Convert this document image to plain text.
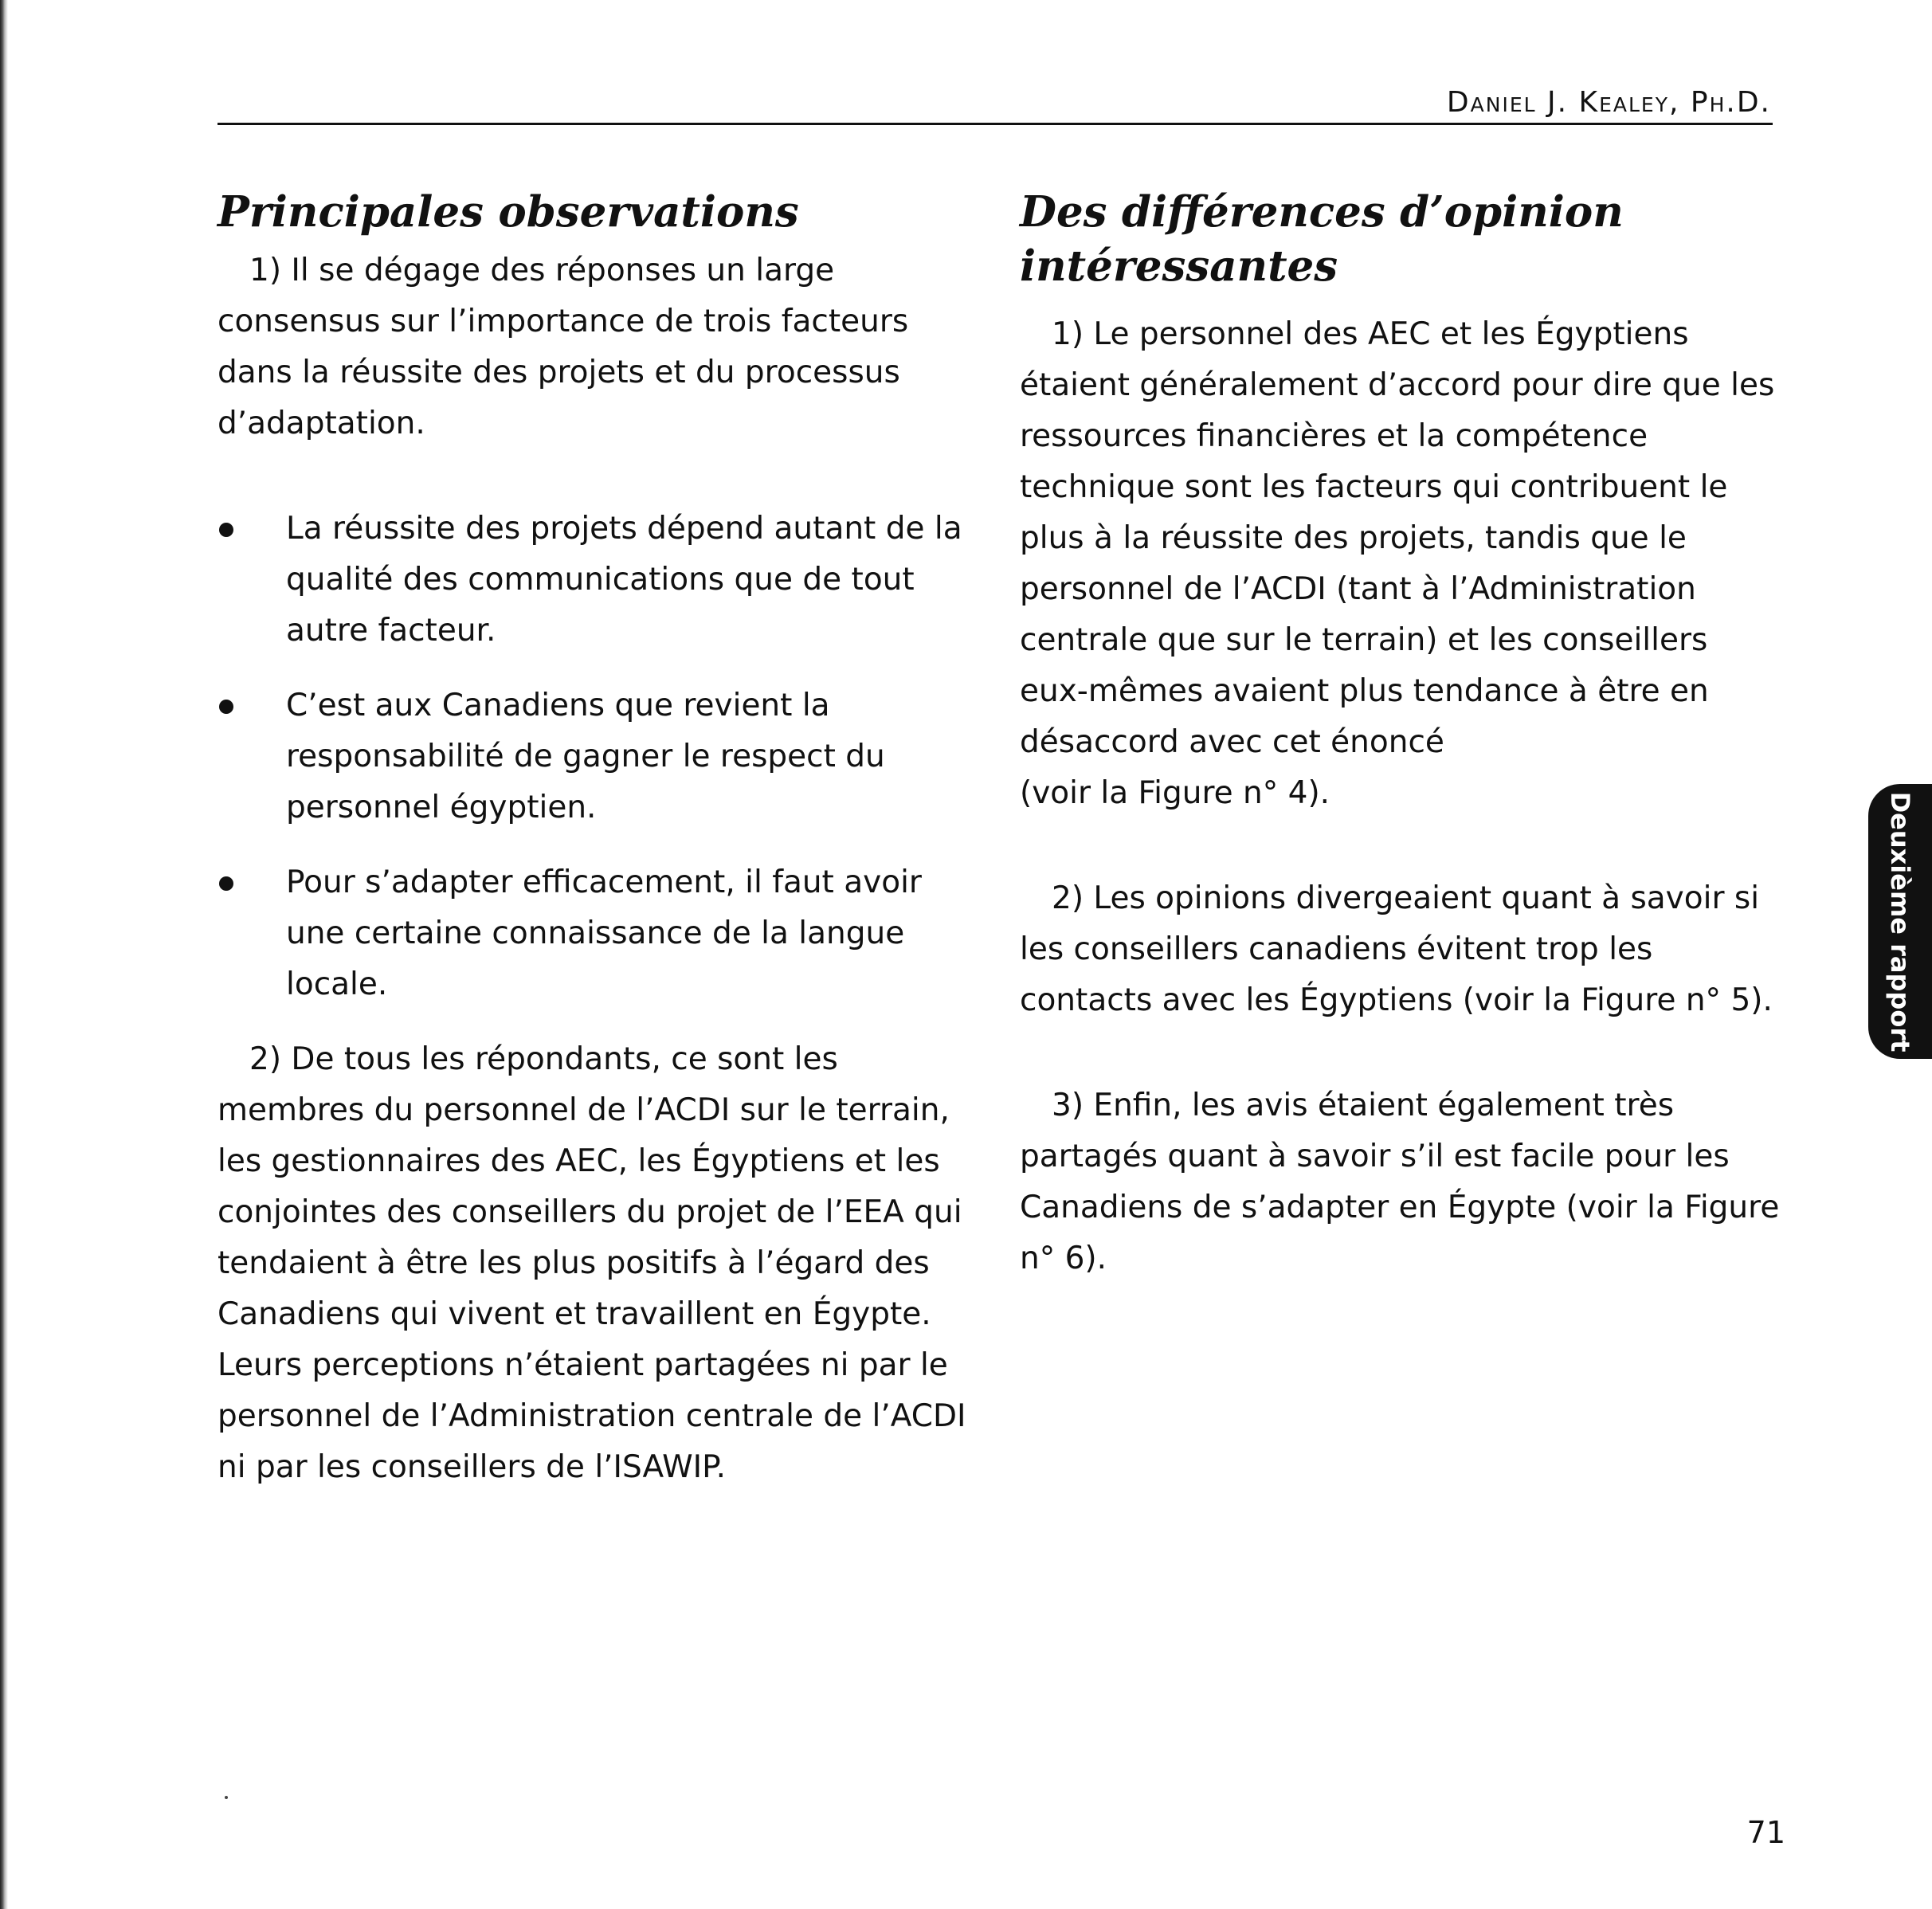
Daniel J. Kealey, Ph.D.
Principales observations

1) Il se dégage des réponses un large consensus sur l’importance de trois facteurs dans la réussite des projets et du processus d’adaptation.

La réussite des projets dépend autant de la qualité des communications que de tout autre facteur.
C’est aux Canadiens que revient la responsabilité de gagner le respect du personnel égyptien.
Pour s’adapter efficacement, il faut avoir une certaine connaissance de la langue locale.

2) De tous les répondants, ce sont les membres du personnel de l’ACDI sur le terrain, les gestionnaires des AEC, les Égyptiens et les conjointes des conseillers du projet de l’EEA qui tendaient à être les plus positifs à l’égard des Canadiens qui vivent et travaillent en Égypte. Leurs perceptions n’étaient partagées ni par le personnel de l’Administration centrale de l’ACDI ni par les conseillers de l’ISAWIP.

Des différences d’opinion
intéressantes

1) Le personnel des AEC et les Égyptiens étaient généralement d’accord pour dire que les ressources financières et la compétence technique sont les facteurs qui contribuent le plus à la réussite des projets, tandis que le personnel de l’ACDI (tant à l’Administration centrale que sur le terrain) et les conseillers eux-mêmes avaient plus tendance à être en désaccord avec cet énoncé

(voir la Figure n° 4).

2) Les opinions divergeaient quant à savoir si les conseillers canadiens évitent trop les contacts avec les Égyptiens (voir la Figure n° 5).

3) Enfin, les avis étaient également très partagés quant à savoir s’il est facile pour les Canadiens de s’adapter en Égypte (voir la Figure n° 6).

Deuxième rapport
71
